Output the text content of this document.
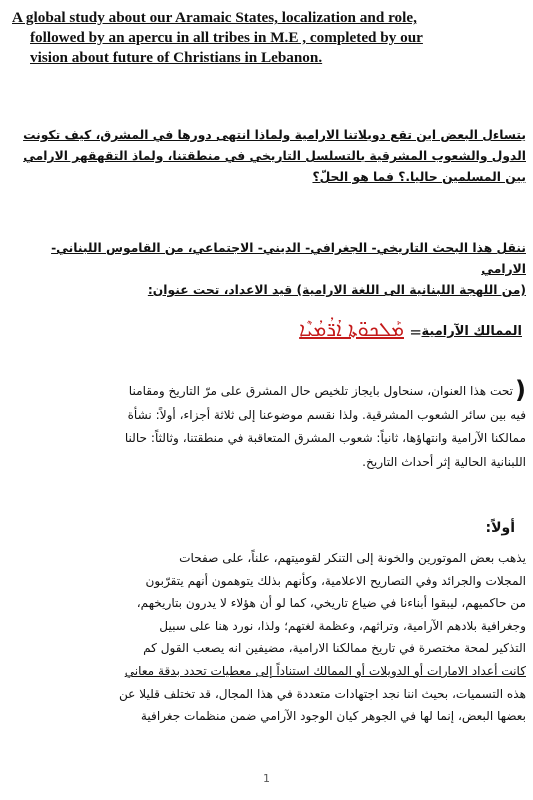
A global study about our Aramaic States, localization and role,
followed by an apercu in all tribes in M.E , completed by our
vision about future of Christians in Lebanon.
يتساءل البعض اين تقع دويلاتنا الارامية ولماذا انتهى دورها في المشرق، كيف تكونت
الدول والشعوب المشرقية بالتسلسل التاريخي في منطقتنا، ولماذ التقهقهر الارامي
بين المسلمين حاليا.؟ فما هو الحلّ؟
ننقل هذا البحث التاريخي- الجغرافي- الديني- الاجتماعي، من القاموس اللبناني- الارامي
(من اللهجة اللبنانية الى اللغة الارامية) قيد الاعداد، تحت عنوان:
الممالك الآرامية
=
ܡܰܠܟܘ̈ܬܐ ܐܳܪ̈ܳܡܳܝܶܐ
(تحت هذا العنوان، سنحاول بايجاز تلخيص حال المشرق على مرّ التاريخ ومقامنا
فيه بين سائر الشعوب المشرقية. ولذا نقسم موضوعنا إلى ثلاثة أجزاء، أولاً: نشأة
ممالكنا الآرامية وانتهاؤها، ثانياً: شعوب المشرق المتعاقبة في منطقتنا، وثالثاً: حالنا
اللبنانية الحالية إثر أحداث التاريخ.
أولاً:
يذهب بعض الموتورين والخونة إلى التنكر لقوميتهم، علناً، على صفحات
المجلات والجرائد وفي التصاريح الاعلامية، وكأنهم بذلك يتوهمون أنهم يتقرّبون
من حاكميهم، ليبقوا أبناءنا في ضياع تاريخي، كما لو أن هؤلاء لا يدرون بتاريخهم،
وجغرافية بلادهم الآرامية، وتراثهم، وعظمة لغتهم؛ ولذا، نورد هنا على سبيل
التذكير لمحة مختصرة في تاريخ ممالكنا الارامية، مضيفين انه يصعب القول كم
كانت أعداد الامارات أو الدويلات أو الممالك استناداً إلى معطيات تحدد بدقة معاني
هذه التسميات، بحيث اننا نجد اجتهادات متعددة في هذا المجال، قد تختلف قليلا عن
بعضها البعض، إنما لها في الجوهر كيان الوجود الآرامي ضمن منظمات جغرافية
1
